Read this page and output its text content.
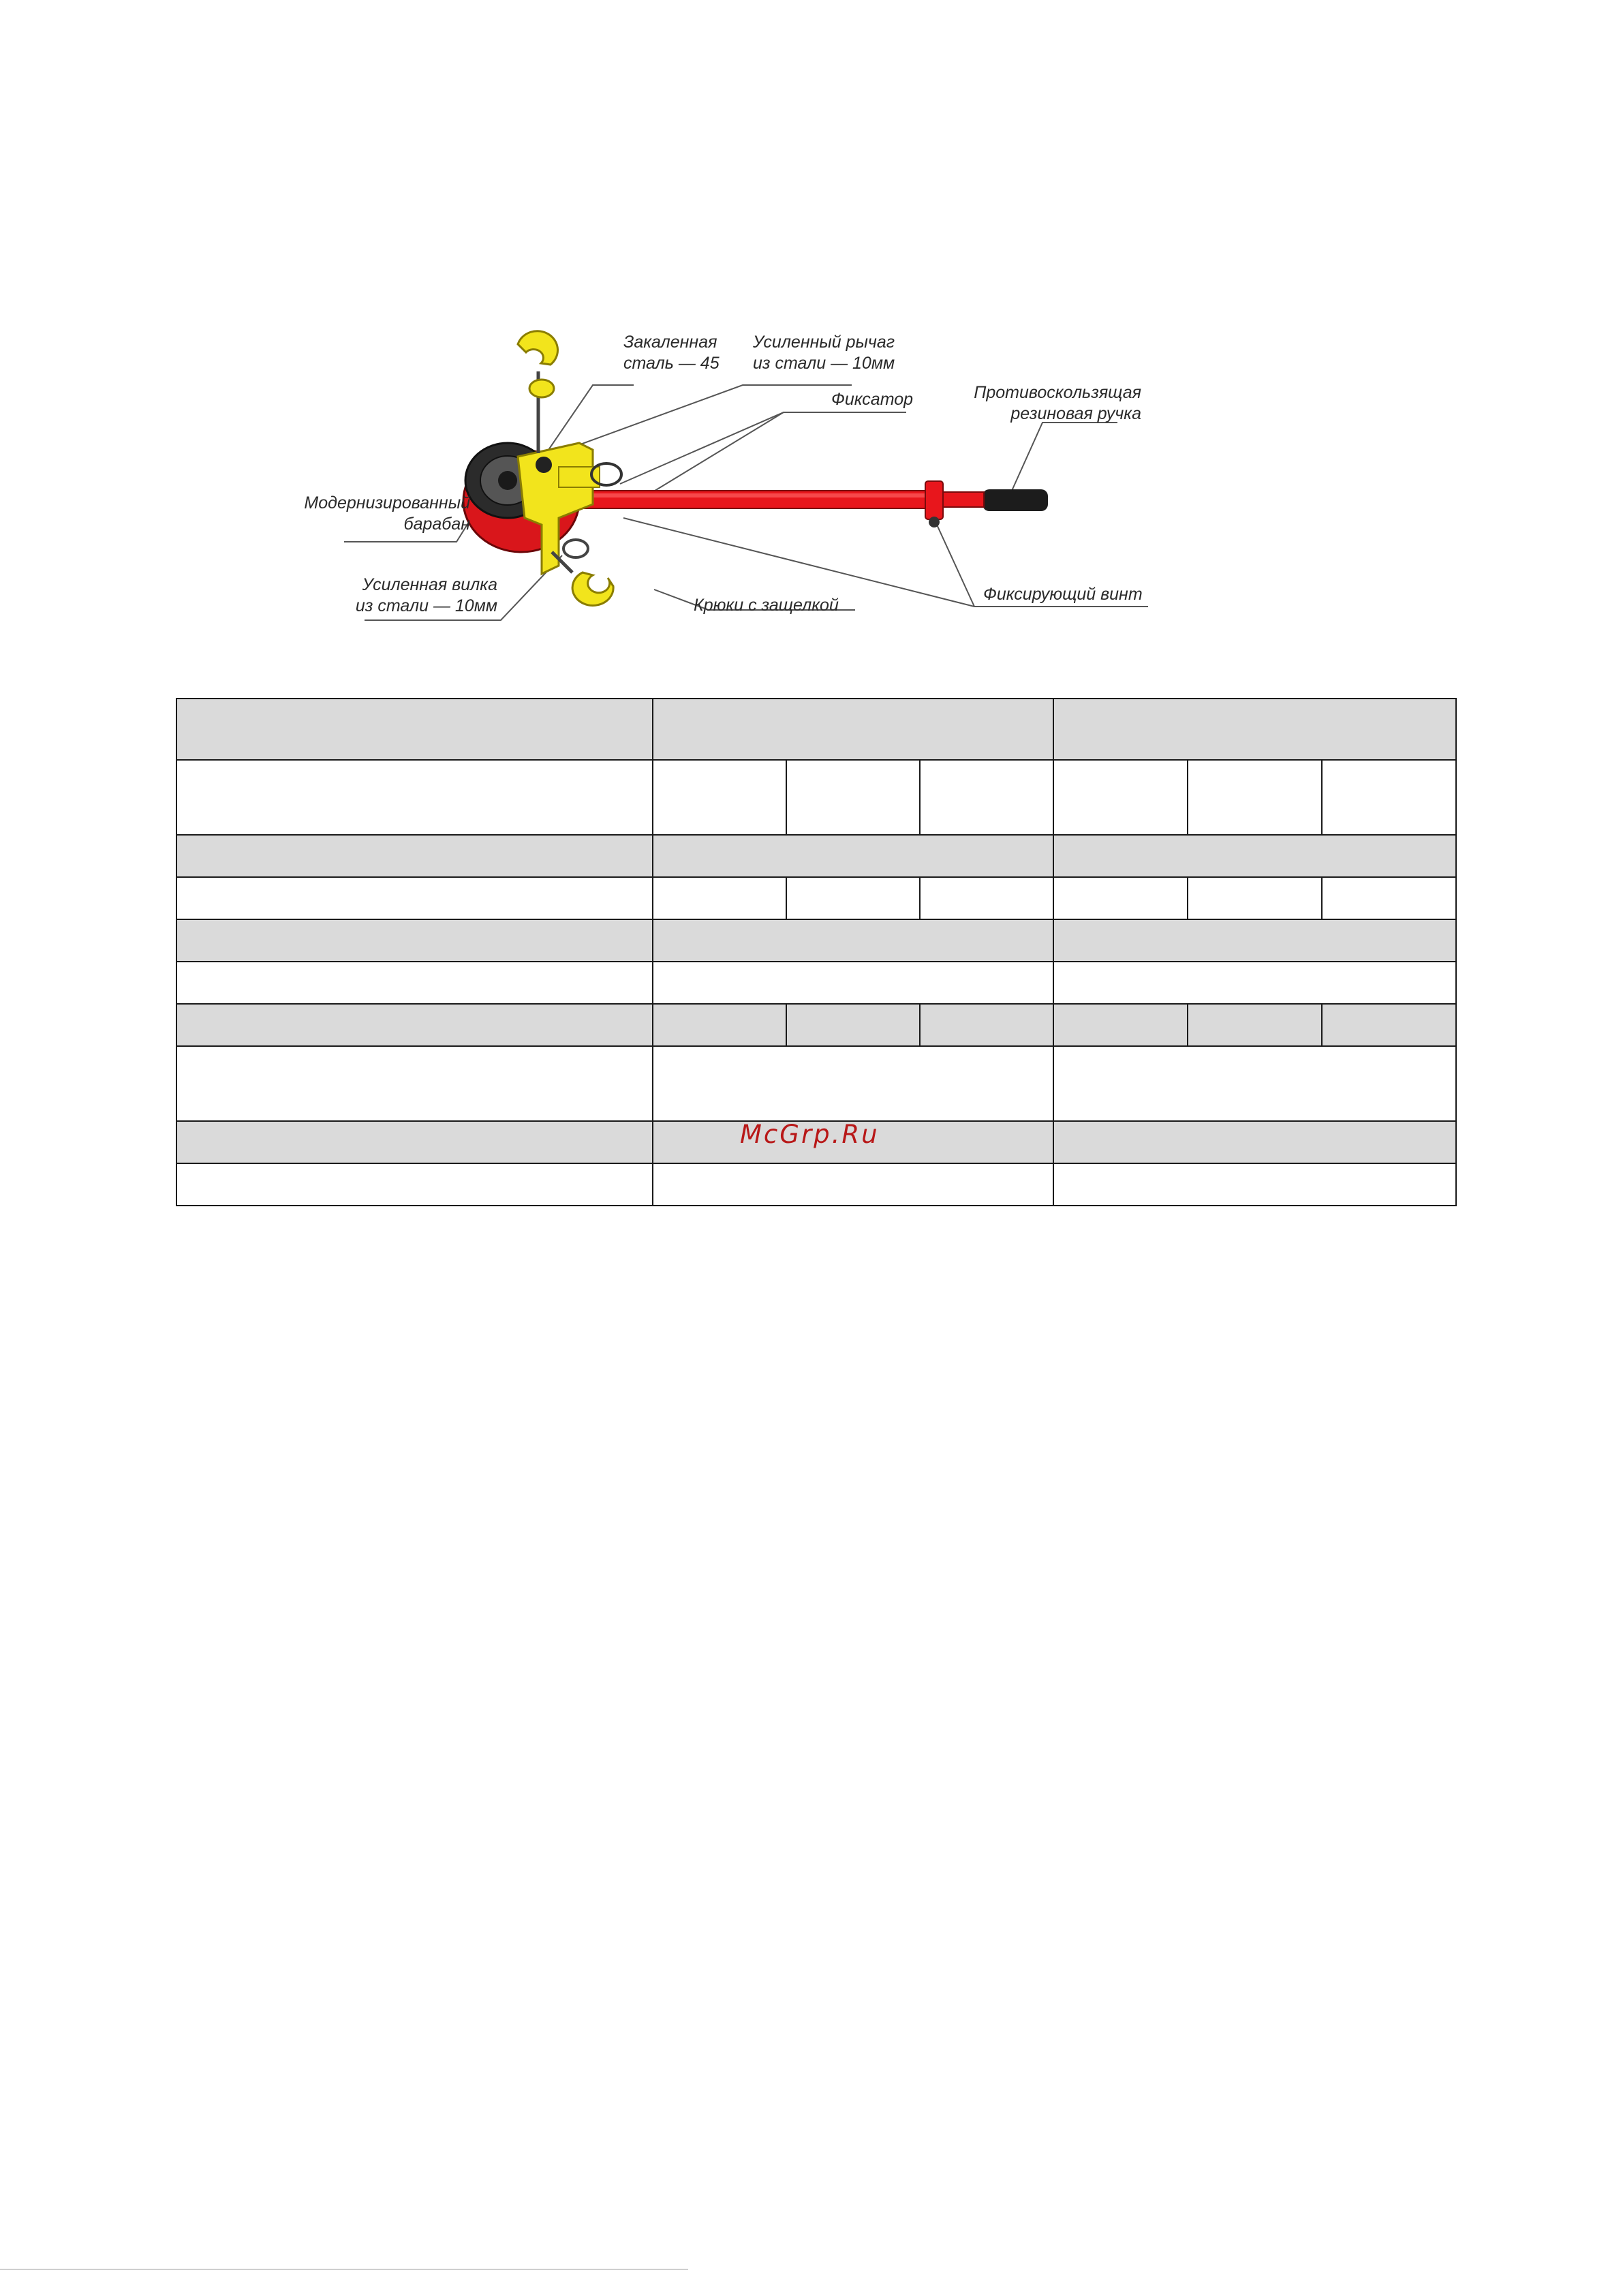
Закаленная
сталь — 45
Усиленный рычаг
из стали — 10мм
Фиксатор	Противоскользящая
резиновая ручка
Модернизированный
барабан
Усиленная вилка
из стали — 10мм	Крюки с защелкой
Фиксирующий винт

McGrp.Ru
